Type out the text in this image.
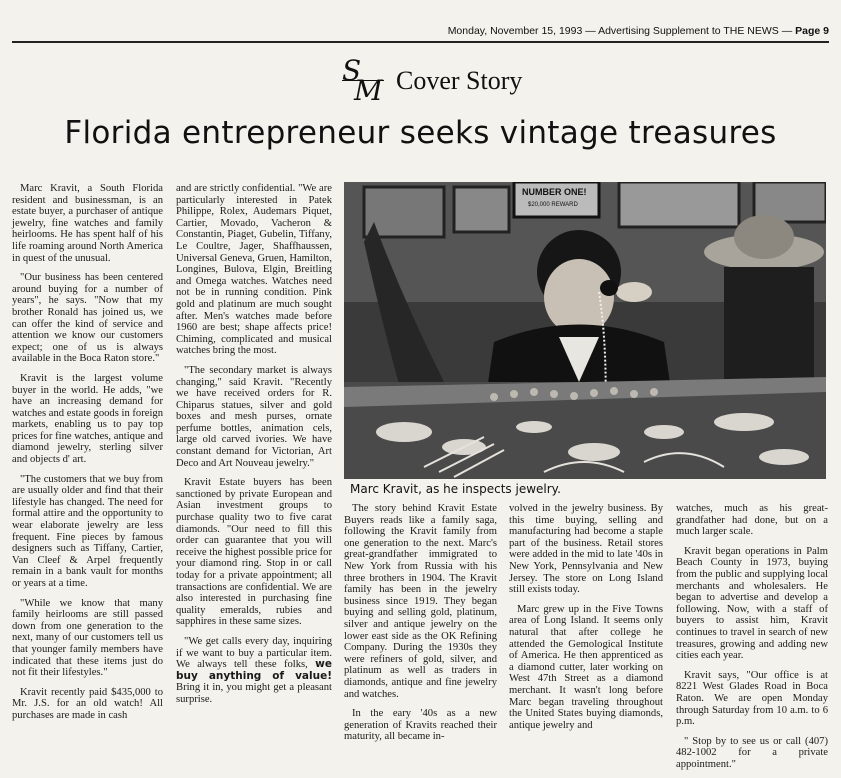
Monday, November 15, 1993 — Advertising Supplement to THE NEWS — Page 9
S
M Cover Story
Florida entrepreneur seeks vintage treasures

Marc Kravit, a South Florida resident and businessman, is an estate buyer, a purchaser of antique jewelry, fine watches and family heirlooms. He has spent half of his life roaming around North America in quest of the unusual.

"Our business has been centered around buying for a number of years", he says. "Now that my brother Ronald has joined us, we can offer the kind of service and attention we know our customers expect; one of us is always available in the Boca Raton store."

Kravit is the largest volume buyer in the world. He adds, "we have an increasing demand for watches and estate goods in foreign markets, enabling us to pay top prices for fine watches, antique and diamond jewelry, sterling silver and objects d' art.

"The customers that we buy from are usually older and find that their lifestyle has changed. The need for formal attire and the opportunity to wear elaborate jewelry are less frequent. Fine pieces by famous designers such as Tiffany, Cartier, Van Cleef & Arpel frequently remain in a bank vault for months or years at a time.

"While we know that many family heirlooms are still passed down from one generation to the next, many of our customers tell us that younger family members have indicated that these items just do not fit their lifestyles."

Kravit recently paid $435,000 to Mr. J.S. for an old watch! All purchases are made in cash

and are strictly confidential. "We are particularly interested in Patek Philippe, Rolex, Audemars Piquet, Cartier, Movado, Vacheron & Constantin, Piaget, Gubelin, Tiffany, Le Coultre, Jager, Shaffhaussen, Universal Geneva, Gruen, Hamilton, Longines, Bulova, Elgin, Breitling and Omega watches. Watches need not be in running condition. Pink gold and platinum are much sought after. Men's watches made before 1960 are best; shape affects price! Chiming, complicated and musical watches bring the most.

"The secondary market is always changing," said Kravit. "Recently we have received orders for R. Chiparus statues, silver and gold boxes and mesh purses, ornate perfume bottles, animation cels, large old carved ivories. We have constant demand for Victorian, Art Deco and Art Nouveau jewelry."

Kravit Estate buyers has been sanctioned by private European and Asian investment groups to purchase quality two to five carat diamonds. "Our need to fill this order can guarantee that you will receive the highest possible price for your diamond ring. Stop in or call today for a private appointment; all transactions are confidential. We are also interested in purchasing fine quality emeralds, rubies and sapphires in these same sizes.

"We get calls every day, inquiring if we want to buy a particular item. We always tell these folks, we buy anything of value! Bring it in, you might get a pleasant surprise.

NUMBER ONE!
$20,000 REWARD
Marc Kravit, as he inspects jewelry.

The story behind Kravit Estate Buyers reads like a family saga, following the Kravit family from one generation to the next. Marc's great-grandfather immigrated to New York from Russia with his three brothers in 1904. The Kravit family has been in the jewelry business since 1919. They began buying and selling gold, platinum, silver and antique jewelry on the lower east side as the OK Refining Company. During the 1930s they were refiners of gold, silver, and platinum as well as traders in diamonds, antique and fine jewelry and watches.

In the eary '40s as a new generation of Kravits reached their maturity, all became in-

volved in the jewelry business. By this time buying, selling and manufacturing had become a staple part of the business. Retail stores were added in the mid to late '40s in New York, Pennsylvania and New Jersey. The store on Long Island still exists today.

Marc grew up in the Five Towns area of Long Island. It seems only natural that after college he attended the Gemological Institute of America. He then apprenticed as a diamond cutter, later working on West 47th Street as a diamond merchant. It wasn't long before Marc began traveling throughout the United States buying diamonds, antique jewelry and

watches, much as his great-grandfather had done, but on a much larger scale.

Kravit began operations in Palm Beach County in 1973, buying from the public and supplying local merchants and wholesalers. He began to advertise and develop a following. Now, with a staff of buyers to assist him, Kravit continues to travel in search of new treasures, growing and adding new cities each year.

Kravit says, "Our office is at 8221 West Glades Road in Boca Raton. We are open Monday through Saturday from 10 a.m. to 6 p.m.

" Stop by to see us or call (407) 482-1002 for a private appointment."
